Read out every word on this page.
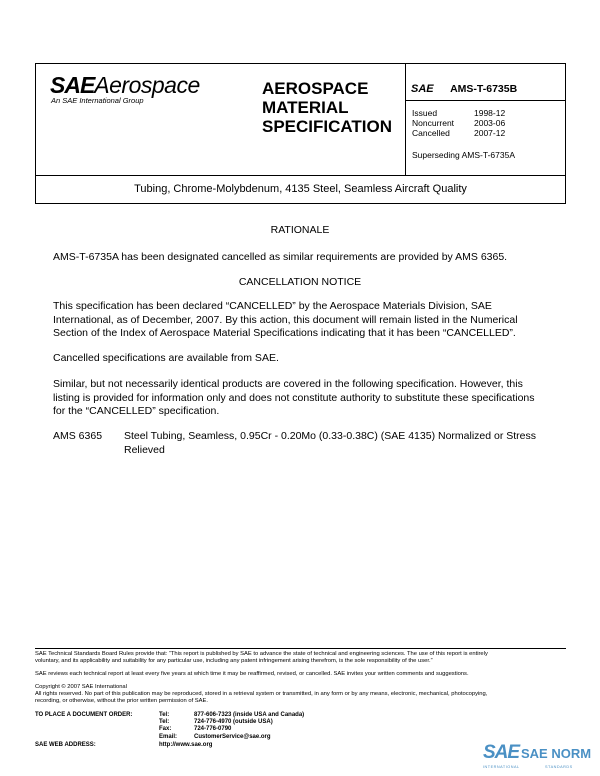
SAEAerospace
An SAE International Group
AEROSPACE
MATERIAL
SPECIFICATION
SAE AMS-T-6735B
Issued	1998-12
Noncurrent	2003-06
Cancelled	2007-12
Superseding AMS-T-6735A
Tubing, Chrome-Molybdenum, 4135 Steel, Seamless Aircraft Quality
RATIONALE
AMS-T-6735A has been designated cancelled as similar requirements are provided by AMS 6365.
CANCELLATION NOTICE
This specification has been declared “CANCELLED” by the Aerospace Materials Division, SAE
International, as of December, 2007. By this action, this document will remain listed in the Numerical
Section of the Index of Aerospace Material Specifications indicating that it has been “CANCELLED”.
Cancelled specifications are available from SAE.
Similar, but not necessarily identical products are covered in the following specification. However, this
listing is provided for information only and does not constitute authority to substitute these specifications
for the “CANCELLED” specification.
AMS 6365 Steel Tubing, Seamless, 0.95Cr - 0.20Mo (0.33-0.38C) (SAE 4135) Normalized or Stress
Relieved
SAE Technical Standards Board Rules provide that: “This report is published by SAE to advance the state of technical and engineering sciences. The use of this report is entirely
voluntary, and its applicability and suitability for any particular use, including any patent infringement arising therefrom, is the sole responsibility of the user.”
SAE reviews each technical report at least every five years at which time it may be reaffirmed, revised, or cancelled. SAE invites your written comments and suggestions.
Copyright © 2007 SAE International
All rights reserved. No part of this publication may be reproduced, stored in a retrieval system or transmitted, in any form or by any means, electronic, mechanical, photocopying,
recording, or otherwise, without the prior written permission of SAE.
TO PLACE A DOCUMENT ORDER:	Tel:	877-606-7323 (inside USA and Canada)
Tel:	724-776-4970 (outside USA)
Fax:	724-776-0790
Email:	CustomerService@sae.org
SAE WEB ADDRESS:	http://www.sae.org	SAE SAE NORM
INTERNATIONAL	STANDARDS
